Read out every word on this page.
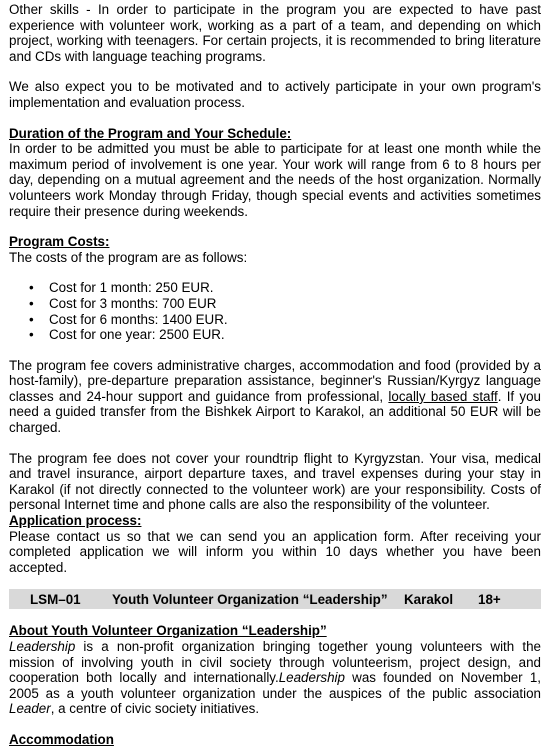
Other skills - In order to participate in the program you are expected to have past experience with volunteer work, working as a part of a team, and depending on which project, working with teenagers. For certain projects, it is recommended to bring literature and CDs with language teaching programs.

We also expect you to be motivated and to actively participate in your own program's implementation and evaluation process.

Duration of the Program and Your Schedule:

In order to be admitted you must be able to participate for at least one month while the maximum period of involvement is one year. Your work will range from 6 to 8 hours per day, depending on a mutual agreement and the needs of the host organization. Normally volunteers work Monday through Friday, though special events and activities sometimes require their presence during weekends.

Program Costs:

The costs of the program are as follows:

• Cost for 1 month: 250 EUR.
• Cost for 3 months: 700 EUR
• Cost for 6 months: 1400 EUR.
• Cost for one year: 2500 EUR.

The program fee covers administrative charges, accommodation and food (provided by a host-family), pre-departure preparation assistance, beginner's Russian/Kyrgyz language classes and 24-hour support and guidance from professional, locally based staff. If you need a guided transfer from the Bishkek Airport to Karakol, an additional 50 EUR will be charged.

The program fee does not cover your roundtrip flight to Kyrgyzstan. Your visa, medical and travel insurance, airport departure taxes, and travel expenses during your stay in Karakol (if not directly connected to the volunteer work) are your responsibility. Costs of personal Internet time and phone calls are also the responsibility of the volunteer.

Application process:

Please contact us so that we can send you an application form. After receiving your completed application we will inform you within 10 days whether you have been accepted.

LSM–01	Youth Volunteer Organization “Leadership”	Karakol	18+

About Youth Volunteer Organization “Leadership”

Leadership is a non-profit organization bringing together young volunteers with the mission of involving youth in civil society through volunteerism, project design, and cooperation both locally and internationally.Leadership was founded on November 1, 2005 as a youth volunteer organization under the auspices of the public association Leader, a centre of civic society initiatives.

Accommodation
